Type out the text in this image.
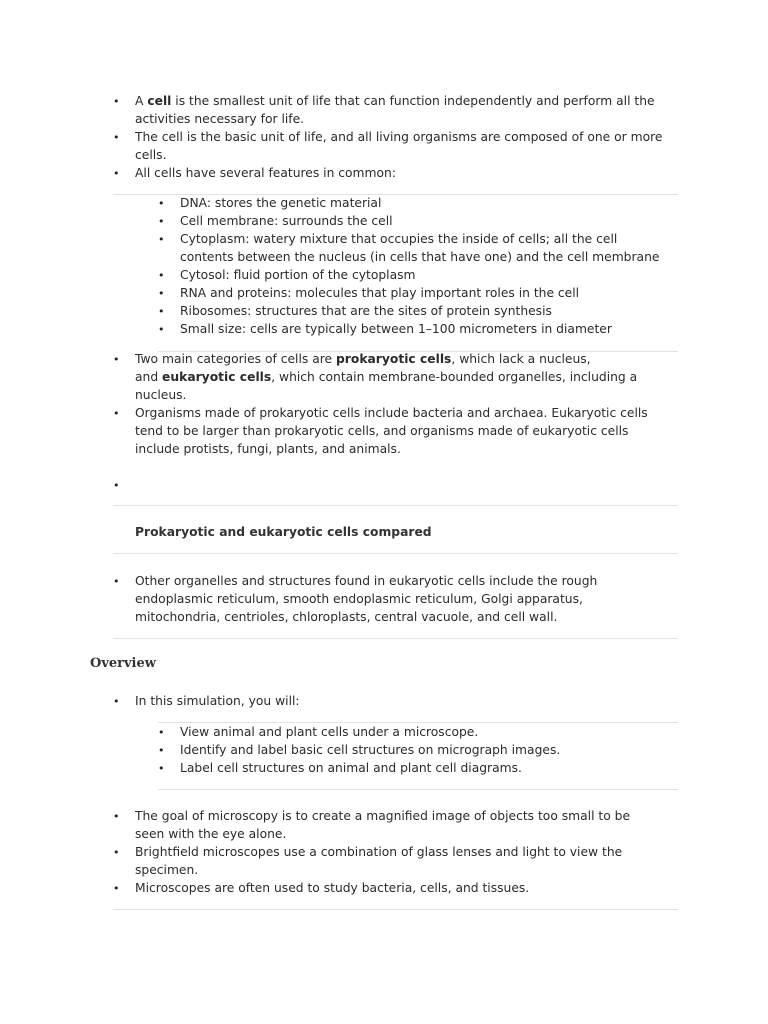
• A cell is the smallest unit of life that can function independently and perform all the
activities necessary for life.
• The cell is the basic unit of life, and all living organisms are composed of one or more
cells.
• All cells have several features in common:
• DNA: stores the genetic material
• Cell membrane: surrounds the cell
• Cytoplasm: watery mixture that occupies the inside of cells; all the cell
contents between the nucleus (in cells that have one) and the cell membrane
• Cytosol: fluid portion of the cytoplasm
• RNA and proteins: molecules that play important roles in the cell
• Ribosomes: structures that are the sites of protein synthesis
• Small size: cells are typically between 1–100 micrometers in diameter
• Two main categories of cells are prokaryotic cells, which lack a nucleus,
and eukaryotic cells, which contain membrane-bounded organelles, including a
nucleus.
• Organisms made of prokaryotic cells include bacteria and archaea. Eukaryotic cells
tend to be larger than prokaryotic cells, and organisms made of eukaryotic cells
include protists, fungi, plants, and animals.
•
Prokaryotic and eukaryotic cells compared
• Other organelles and structures found in eukaryotic cells include the rough
endoplasmic reticulum, smooth endoplasmic reticulum, Golgi apparatus,
mitochondria, centrioles, chloroplasts, central vacuole, and cell wall.
Overview
• In this simulation, you will:
• View animal and plant cells under a microscope.
• Identify and label basic cell structures on micrograph images.
• Label cell structures on animal and plant cell diagrams.
• The goal of microscopy is to create a magnified image of objects too small to be
seen with the eye alone.
• Brightfield microscopes use a combination of glass lenses and light to view the
specimen.
• Microscopes are often used to study bacteria, cells, and tissues.
